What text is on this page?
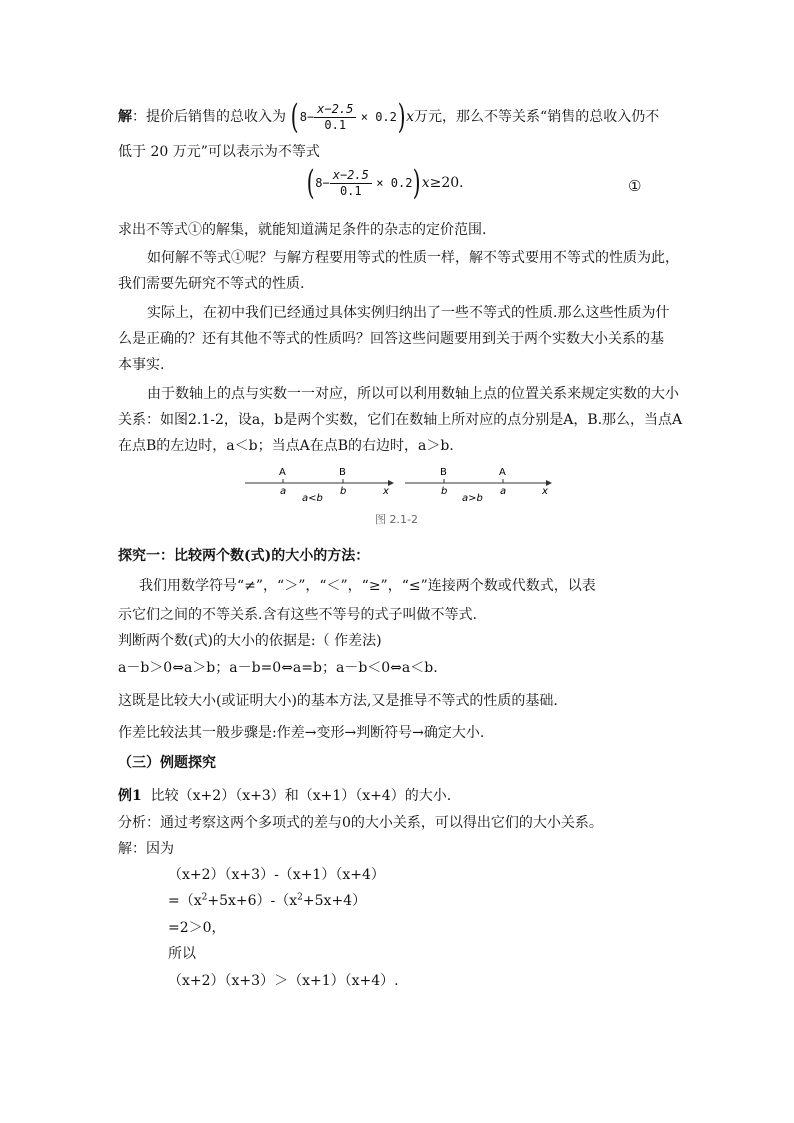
解：提价后销售的总收入为 $(8- \frac{x-2.5}{0.1} \times 0.2)x$万元，那么不等关系“销售的总收入仍不
低于 20 万元”可以表示为不等式
$(8- \frac{x-2.5}{0.1} \times 0.2)x\ge 20$.	①
求出不等式①的解集，就能知道满足条件的杂志的定价范围.
如何解不等式①呢？与解方程要用等式的性质一样，解不等式要用不等式的性质为此，
我们需要先研究不等式的性质.
实际上，在初中我们已经通过具体实例归纳出了一些不等式的性质.那么这些性质为什
么是正确的？还有其他不等式的性质吗？回答这些问题要用到关于两个实数大小关系的基
本事实.
由于数轴上的点与实数一一对应，所以可以利用数轴上点的位置关系来规定实数的大小
关系：如图2.1-2，设a，b是两个实数，它们在数轴上所对应的点分别是A，B.那么，当点A
在点B的左边时，a＜b；当点A在点B的右边时，a＞b.
A	B
a	b	x
a<b
B	A
b	a	x
a>b
图 2.1-2
探究一：比较两个数(式)的大小的方法：
我们用数学符号“≠”，“＞”，“＜”，“≥”，“≤”连接两个数或代数式，以表
示它们之间的不等关系.含有这些不等号的式子叫做不等式.
判断两个数(式)的大小的依据是:（ 作差法)
a－b＞0⇔a＞b；a－b=0⇔a=b；a－b＜0⇔a＜b.
这既是比较大小(或证明大小)的基本方法,又是推导不等式的性质的基础.
作差比较法其一般步骤是:作差→变形→判断符号→确定大小.
（三）例题探究
例1 比较（x+2）（x+3）和（x+1）（x+4）的大小.
分析：通过考察这两个多项式的差与0的大小关系，可以得出它们的大小关系。
解：因为
（x+2）（x+3）-（x+1）（x+4）
$=(x^2+5x+6)-(x^2+5x+4)$
=2＞0，
所以
（x+2）（x+3）＞（x+1）（x+4）.
